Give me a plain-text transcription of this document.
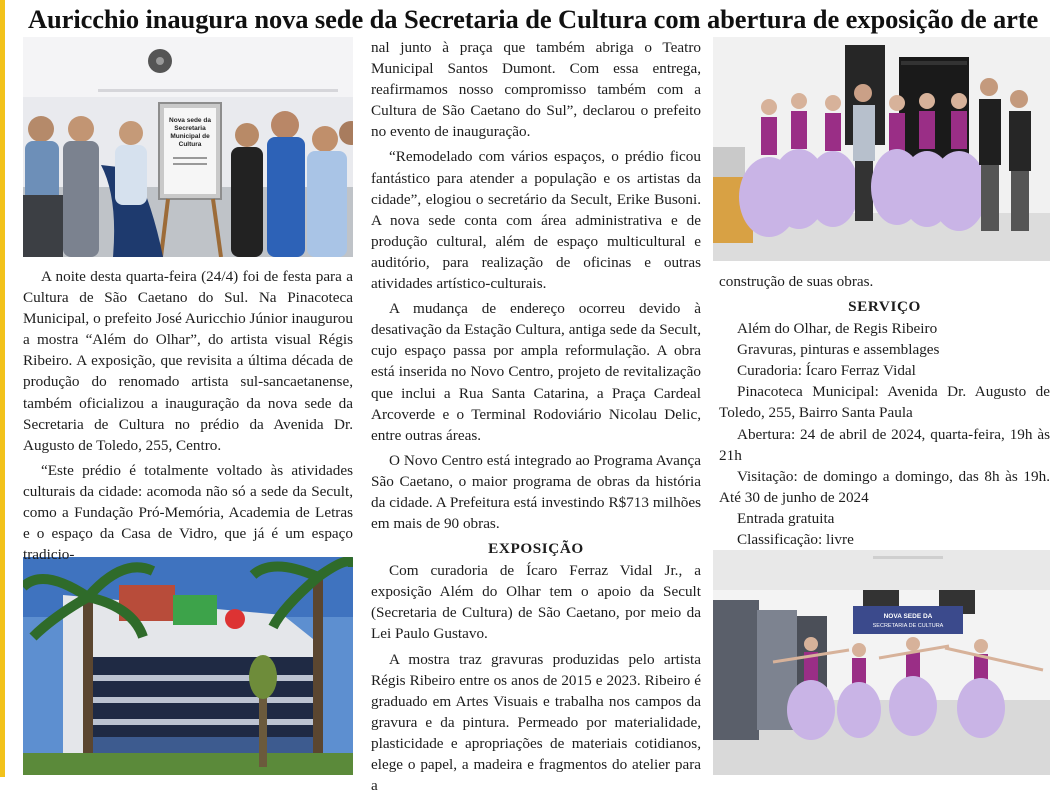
Auricchio inaugura nova sede da Secretaria de Cultura com abertura de exposição de arte
Nova sede da
Secretaria
Municipal de
Cultura
NOVA SEDE DA
SECRETARIA DE CULTURA

A noite desta quarta-feira (24/4) foi de festa para a Cultura de São Caetano do Sul. Na Pinacoteca Municipal, o prefeito José Auricchio Júnior inaugurou a mostra “Além do Olhar”, do artista visual Régis Ribeiro. A exposição, que revisita a última década de produção do renomado artista sul-sancaetanense, também oficializou a inauguração da nova sede da Secretaria de Cultura no prédio da Avenida Dr. Augusto de Toledo, 255, Centro.

“Este prédio é totalmente voltado às atividades culturais da cidade: acomoda não só a sede da Secult, como a Fundação Pró-Memória, Academia de Letras e o espaço da Casa de Vidro, que já é um espaço tradicio-

nal junto à praça que também abriga o Teatro Municipal Santos Dumont. Com essa entrega, reafirmamos nosso compromisso também com a Cultura de São Caetano do Sul”, declarou o prefeito no evento de inauguração.

“Remodelado com vários espaços, o prédio ficou fantástico para atender a população e os artistas da cidade”, elogiou o secretário da Secult, Erike Busoni. A nova sede conta com área administrativa e de produção cultural, além de espaço multicultural e auditório, para realização de oficinas e outras atividades artístico-culturais.

A mudança de endereço ocorreu devido à desativação da Estação Cultura, antiga sede da Secult, cujo espaço passa por ampla reformulação. A obra está inserida no Novo Centro, projeto de revitalização que inclui a Rua Santa Catarina, a Praça Cardeal Arcoverde e o Terminal Rodoviário Nicolau Delic, entre outras áreas.

O Novo Centro está integrado ao Programa Avança São Caetano, o maior programa de obras da história da cidade. A Prefeitura está investindo R$713 milhões em mais de 90 obras.

EXPOSIÇÃO

Com curadoria de Ícaro Ferraz Vidal Jr., a exposição Além do Olhar tem o apoio da Secult (Secretaria de Cultura) de São Caetano, por meio da Lei Paulo Gustavo.

A mostra traz gravuras produzidas pelo artista Régis Ribeiro entre os anos de 2015 e 2023. Ribeiro é graduado em Artes Visuais e trabalha nos campos da gravura e da pintura. Permeado por materialidade, plasticidade e apropriações de materiais cotidianos, elege o papel, a madeira e fragmentos do atelier para a

construção de suas obras.

SERVIÇO

Além do Olhar, de Regis Ribeiro

Gravuras, pinturas e assemblages

Curadoria: Ícaro Ferraz Vidal

Pinacoteca Municipal: Avenida Dr. Augusto de Toledo, 255, Bairro Santa Paula

Abertura: 24 de abril de 2024, quarta-feira, 19h às 21h

Visitação: de domingo a domingo, das 8h às 19h. Até 30 de junho de 2024

Entrada gratuita

Classificação: livre
